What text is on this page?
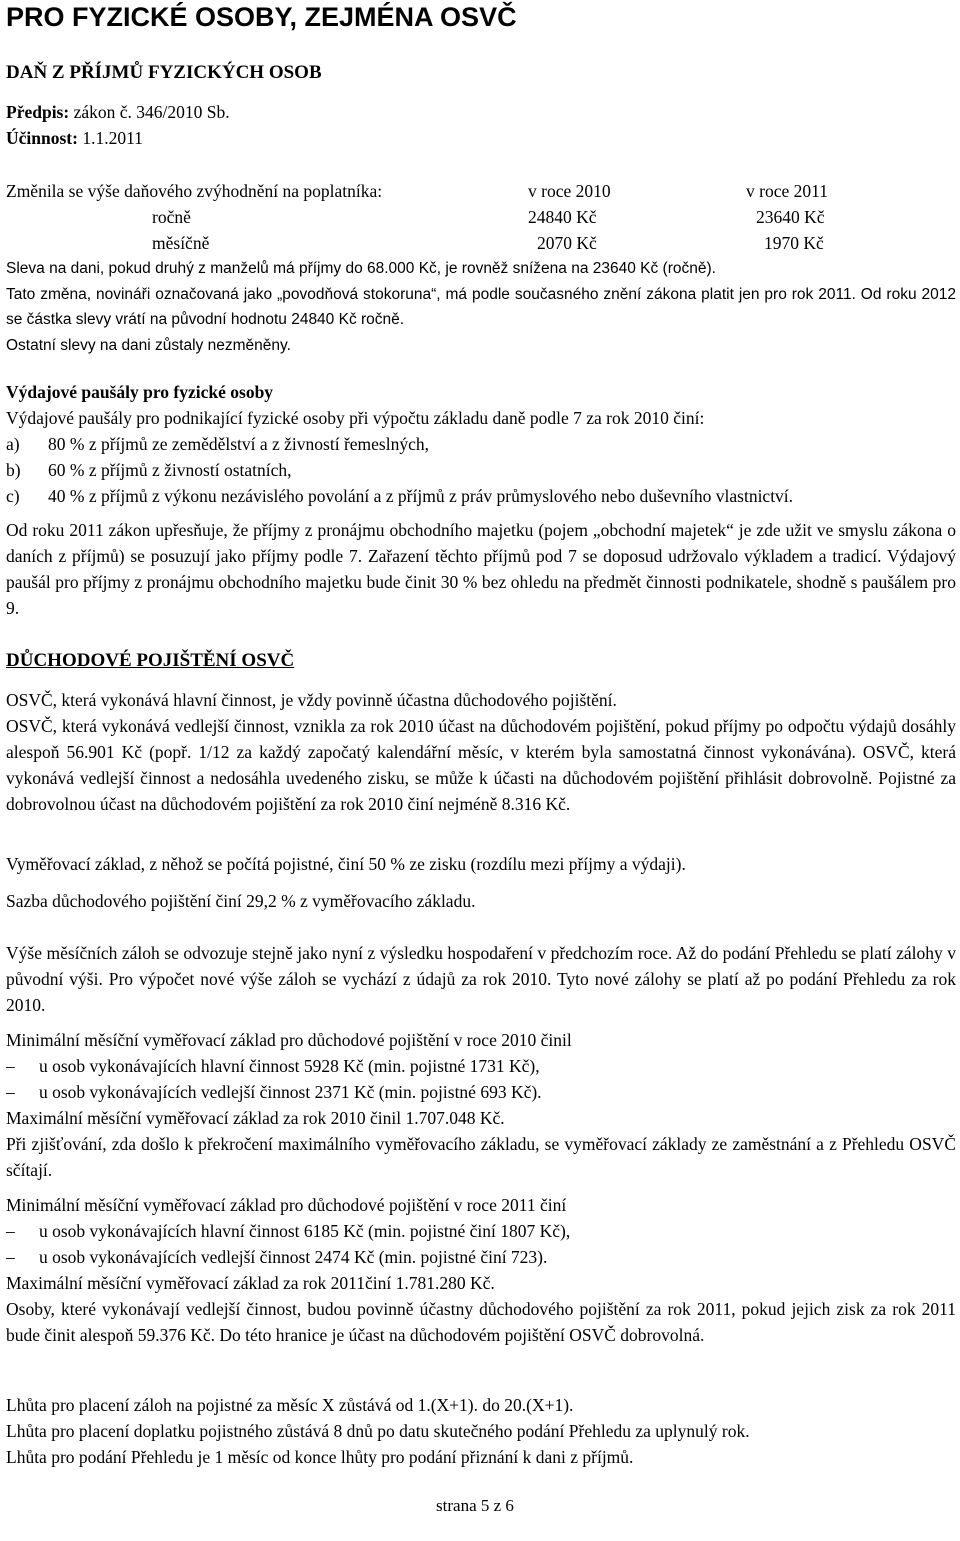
PRO FYZICKÉ OSOBY, ZEJMÉNA OSVČ
DAŇ Z PŘÍJMŮ FYZICKÝCH OSOB
Předpis: zákon č. 346/2010 Sb.
Účinnost: 1.1.2011
Změnila se výše daňového zvýhodnění na poplatníka:	v roce 2010	v roce 2011
ročně	24840 Kč	23640 Kč
měsíčně	2070 Kč	1970 Kč
Sleva na dani, pokud druhý z manželů má příjmy do 68.000 Kč, je rovněž snížena na 23640 Kč (ročně).
Tato změna, novináři označovaná jako „povodňová stokoruna“, má podle současného znění zákona platit jen pro rok 2011. Od roku 2012 se částka slevy vrátí na původní hodnotu 24840 Kč ročně.
Ostatní slevy na dani zůstaly nezměněny.
Výdajové paušály pro fyzické osoby
Výdajové paušály pro podnikající fyzické osoby při výpočtu základu daně podle 7 za rok 2010 činí:
a) 80 % z příjmů ze zemědělství a z živností řemeslných,
b) 60 % z příjmů z živností ostatních,
c) 40 % z příjmů z výkonu nezávislého povolání a z příjmů z práv průmyslového nebo duševního vlastnictví.
Od roku 2011 zákon upřesňuje, že příjmy z pronájmu obchodního majetku (pojem „obchodní majetek“ je zde užit ve smyslu zákona o daních z příjmů) se posuzují jako příjmy podle 7. Zařazení těchto příjmů pod 7 se doposud udržovalo výkladem a tradicí. Výdajový paušál pro příjmy z pronájmu obchodního majetku bude činit 30 % bez ohledu na předmět činnosti podnikatele, shodně s paušálem pro 9.
DŮCHODOVÉ POJIŠTĚNÍ OSVČ
OSVČ, která vykonává hlavní činnost, je vždy povinně účastna důchodového pojištění.
OSVČ, která vykonává vedlejší činnost, vznikla za rok 2010 účast na důchodovém pojištění, pokud příjmy po odpočtu výdajů dosáhly alespoň 56.901 Kč (popř. 1/12 za každý započatý kalendářní měsíc, v kterém byla samostatná činnost vykonávána). OSVČ, která vykonává vedlejší činnost a nedosáhla uvedeného zisku, se může k účasti na důchodovém pojištění přihlásit dobrovolně. Pojistné za dobrovolnou účast na důchodovém pojištění za rok 2010 činí nejméně 8.316 Kč.
Vyměřovací základ, z něhož se počítá pojistné, činí 50 % ze zisku (rozdílu mezi příjmy a výdaji).
Sazba důchodového pojištění činí 29,2 % z vyměřovacího základu.
Výše měsíčních záloh se odvozuje stejně jako nyní z výsledku hospodaření v předchozím roce. Až do podání Přehledu se platí zálohy v původní výši. Pro výpočet nové výše záloh se vychází z údajů za rok 2010. Tyto nové zálohy se platí až po podání Přehledu za rok 2010.
Minimální měsíční vyměřovací základ pro důchodové pojištění v roce 2010 činil
– u osob vykonávajících hlavní činnost 5928 Kč (min. pojistné 1731 Kč),
– u osob vykonávajících vedlejší činnost 2371 Kč (min. pojistné 693 Kč).
Maximální měsíční vyměřovací základ za rok 2010 činil 1.707.048 Kč.
Při zjišťování, zda došlo k překročení maximálního vyměřovacího základu, se vyměřovací základy ze zaměstnání a z Přehledu OSVČ sčítají.
Minimální měsíční vyměřovací základ pro důchodové pojištění v roce 2011 činí
– u osob vykonávajících hlavní činnost 6185 Kč (min. pojistné činí 1807 Kč),
– u osob vykonávajících vedlejší činnost 2474 Kč (min. pojistné činí 723).
Maximální měsíční vyměřovací základ za rok 2011činí 1.781.280 Kč.
Osoby, které vykonávají vedlejší činnost, budou povinně účastny důchodového pojištění za rok 2011, pokud jejich zisk za rok 2011 bude činit alespoň 59.376 Kč. Do této hranice je účast na důchodovém pojištění OSVČ dobrovolná.
Lhůta pro placení záloh na pojistné za měsíc X zůstává od 1.(X+1). do 20.(X+1).
Lhůta pro placení doplatku pojistného zůstává 8 dnů po datu skutečného podání Přehledu za uplynulý rok.
Lhůta pro podání Přehledu je 1 měsíc od konce lhůty pro podání přiznání k dani z příjmů.
strana 5 z 6
